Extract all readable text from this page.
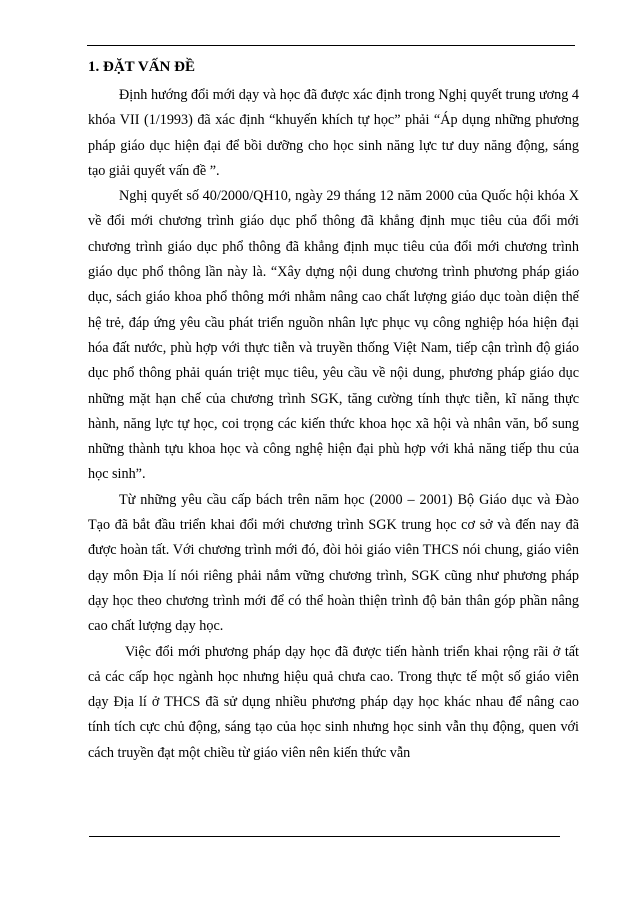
1. ĐẶT VẤN ĐỀ

Định hướng đổi mới dạy và học đã được xác định trong Nghị quyết trung ương 4 khóa VII (1/1993) đã xác định “khuyến khích tự học” phải “Áp dụng những phương pháp giáo dục hiện đại để bồi dưỡng cho học sinh năng lực tư duy năng động, sáng tạo giải quyết vấn đề ”.

Nghị quyết số 40/2000/QH10, ngày 29 tháng 12 năm 2000 của Quốc hội khóa X về đổi mới chương trình giáo dục phổ thông đã khẳng định mục tiêu của đổi mới chương trình giáo dục phổ thông đã khẳng định mục tiêu của đổi mới chương trình giáo dục phổ thông lần này là. “Xây dựng nội dung chương trình phương pháp giáo dục, sách giáo khoa phổ thông mới nhằm nâng cao chất lượng giáo dục toàn diện thế hệ trẻ, đáp ứng yêu cầu phát triển nguồn nhân lực phục vụ công nghiệp hóa hiện đại hóa đất nước, phù hợp với thực tiễn và truyền thống Việt Nam, tiếp cận trình độ giáo dục phổ thông phải quán triệt mục tiêu, yêu cầu về nội dung, phương pháp giáo dục những mặt hạn chế của chương trình SGK, tăng cường tính thực tiễn, kĩ năng thực hành, năng lực tự học, coi trọng các kiến thức khoa học xã hội và nhân văn, bổ sung những thành tựu khoa học và công nghệ hiện đại phù hợp với khả năng tiếp thu của học sinh”.

Từ những yêu cầu cấp bách trên năm học (2000 – 2001) Bộ Giáo dục và Đào Tạo đã bắt đầu triển khai đổi mới chương trình SGK trung học cơ sở và đến nay đã được hoàn tất. Với chương trình mới đó, đòi hỏi giáo viên THCS nói chung, giáo viên dạy môn Địa lí nói riêng phải nắm vững chương trình, SGK cũng như phương pháp dạy học theo chương trình mới để có thể hoàn thiện trình độ bản thân góp phần nâng cao chất lượng dạy học.

Việc đổi mới phương pháp dạy học đã được tiến hành triển khai rộng rãi ở tất cả các cấp học ngành học nhưng hiệu quả chưa cao. Trong thực tế một số giáo viên dạy Địa lí ở THCS đã sử dụng nhiều phương pháp dạy học khác nhau để nâng cao tính tích cực chủ động, sáng tạo của học sinh nhưng học sinh vẫn thụ động, quen với cách truyền đạt một chiều từ giáo viên nên kiến thức vẫn
